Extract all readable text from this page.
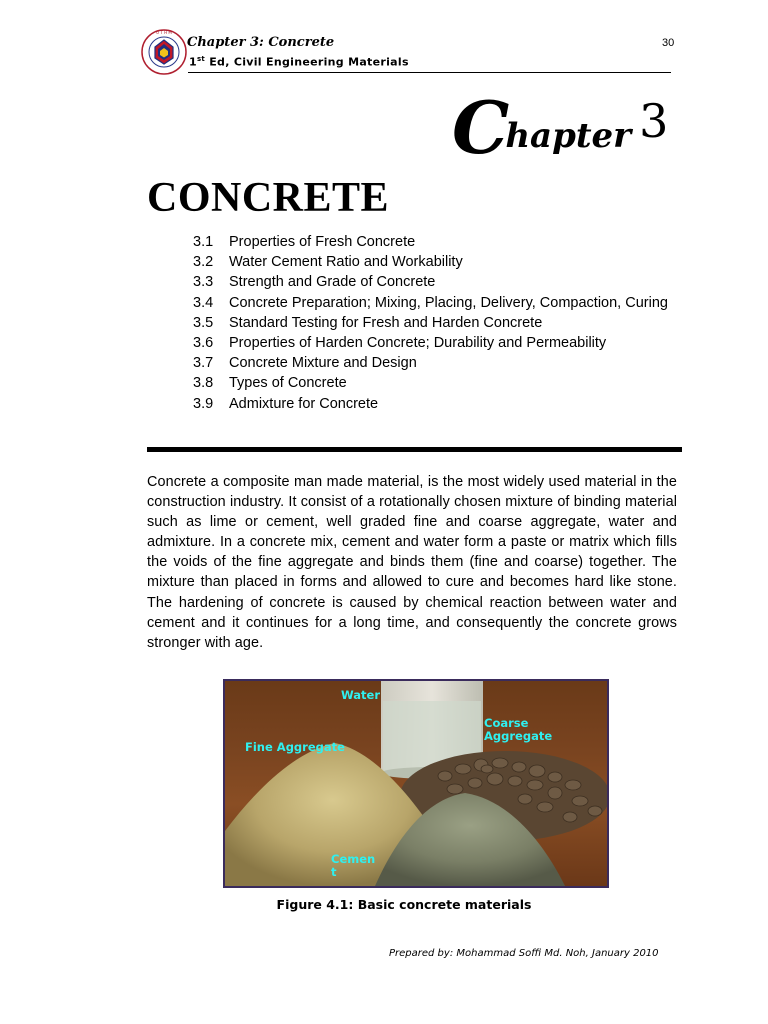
U T H M
Chapter 3: Concrete
1st Ed, Civil Engineering Materials
30
Chapter 3
CONCRETE
3.1	Properties of Fresh Concrete
3.2	Water Cement Ratio and Workability
3.3	Strength and Grade of Concrete
3.4	Concrete Preparation; Mixing, Placing, Delivery, Compaction, Curing
3.5	Standard Testing for Fresh and Harden Concrete
3.6	Properties of Harden Concrete; Durability and Permeability
3.7	Concrete Mixture and Design
3.8	Types of Concrete
3.9	Admixture for Concrete
Concrete a composite man made material, is the most widely used material in the construction industry. It consist of a rotationally chosen mixture of binding material such as lime or cement, well graded fine and coarse aggregate, water and admixture. In a concrete mix, cement and water form a paste or matrix which fills the voids of the fine aggregate and binds them (fine and coarse) together. The mixture than placed in forms and allowed to cure and becomes hard like stone. The hardening of concrete is caused by chemical reaction between water and cement and it continues for a long time, and consequently the concrete grows stronger with age.
Water
Coarse Aggregate
Fine Aggregate
Cemen t
Figure 4.1: Basic concrete materials
Prepared by: Mohammad Soffi Md. Noh, January 2010
